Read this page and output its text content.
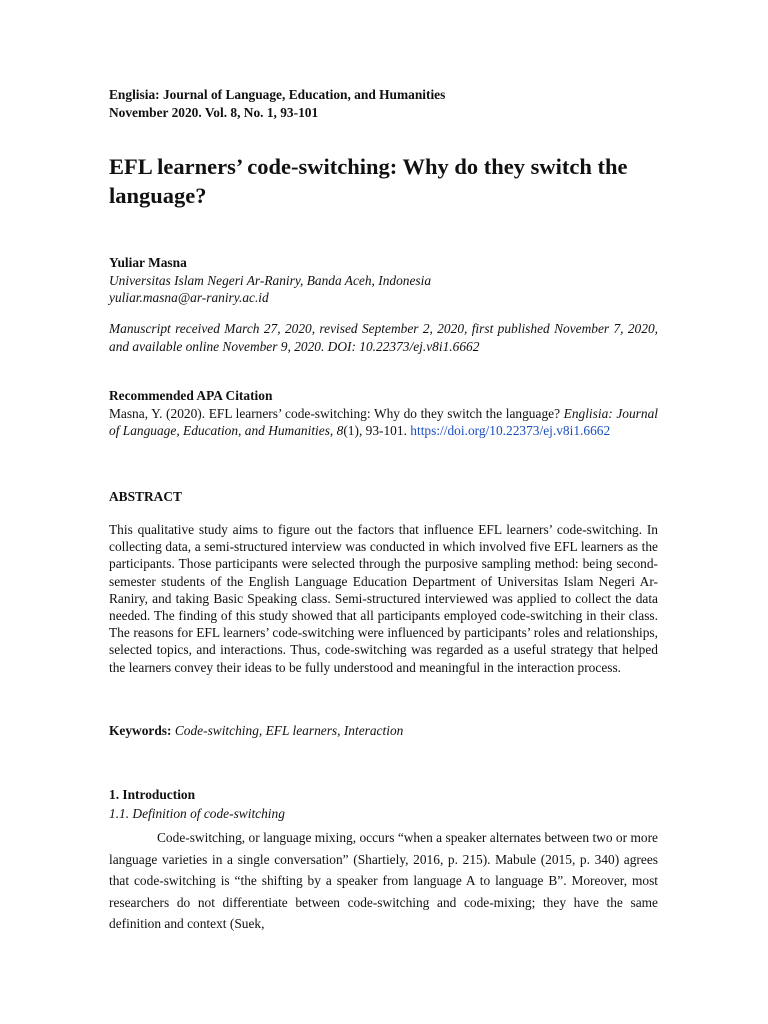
Englisia: Journal of Language, Education, and Humanities
November 2020. Vol. 8, No. 1, 93-101
EFL learners’ code-switching: Why do they switch the language?
Yuliar Masna
Universitas Islam Negeri Ar-Raniry, Banda Aceh, Indonesia
yuliar.masna@ar-raniry.ac.id
Manuscript received March 27, 2020, revised September 2, 2020, first published November 7, 2020, and available online November 9, 2020. DOI: 10.22373/ej.v8i1.6662
Recommended APA Citation
Masna, Y. (2020). EFL learners’ code-switching: Why do they switch the language? Englisia: Journal of Language, Education, and Humanities, 8(1), 93-101. https://doi.org/10.22373/ej.v8i1.6662
ABSTRACT
This qualitative study aims to figure out the factors that influence EFL learners’ code-switching. In collecting data, a semi-structured interview was conducted in which involved five EFL learners as the participants. Those participants were selected through the purposive sampling method: being second-semester students of the English Language Education Department of Universitas Islam Negeri Ar-Raniry, and taking Basic Speaking class. Semi-structured interviewed was applied to collect the data needed. The finding of this study showed that all participants employed code-switching in their class. The reasons for EFL learners’ code-switching were influenced by participants’ roles and relationships, selected topics, and interactions. Thus, code-switching was regarded as a useful strategy that helped the learners convey their ideas to be fully understood and meaningful in the interaction process.
Keywords: Code-switching, EFL learners, Interaction
1. Introduction
1.1. Definition of code-switching
Code-switching, or language mixing, occurs “when a speaker alternates between two or more language varieties in a single conversation” (Shartiely, 2016, p. 215). Mabule (2015, p. 340) agrees that code-switching is “the shifting by a speaker from language A to language B”. Moreover, most researchers do not differentiate between code-switching and code-mixing; they have the same definition and context (Suek,
